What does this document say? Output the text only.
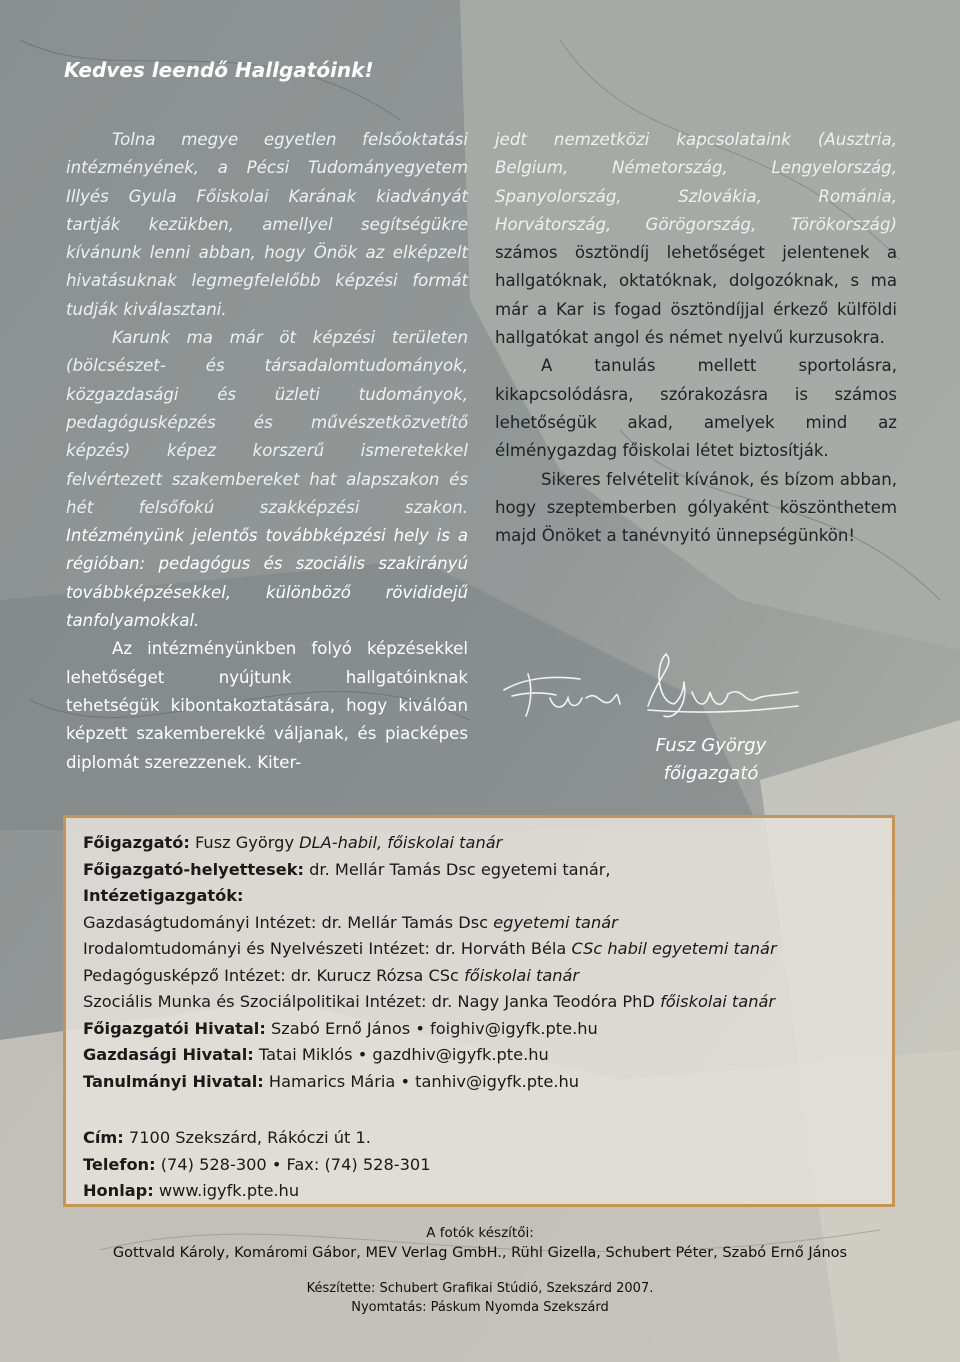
Kedves leendő Hallgatóink!

Tolna megye egyetlen felsőoktatási intézményének, a Pécsi Tudományegyetem Illyés Gyula Főiskolai Karának kiadványát tartják kezükben, amellyel segítségükre kívánunk lenni abban, hogy Önök az elképzelt hivatásuknak legmegfelelőbb képzési formát tudják kiválasztani.

Karunk ma már öt képzési területen (bölcsészet- és társadalomtudományok, közgazdasági és üzleti tudományok, pedagógusképzés és művészetközvetítő képzés) képez korszerű ismeretekkel felvértezett szakembereket hat alapszakon és hét felsőfokú szakképzési szakon. Intézményünk jelentős továbbképzési hely is a régióban: pedagógus és szociális szakirányú továbbképzésekkel, különböző rövididejű tanfolyamokkal.

Az intézményünkben folyó képzésekkel lehetőséget nyújtunk hallgatóinknak tehetségük kibontakoztatására, hogy kiválóan képzett szakemberekké váljanak, és piacképes diplomát szerezzenek. Kiter-

jedt nemzetközi kapcsolataink (Ausztria, Belgium, Németország, Lengyelország, Spanyolország, Szlovákia, Románia, Horvátország, Görögország, Törökország) számos ösztöndíj lehetőséget jelentenek a hallgatóknak, oktatóknak, dolgozóknak, s ma már a Kar is fogad ösztöndíjjal érkező külföldi hallgatókat angol és német nyelvű kurzusokra.

A tanulás mellett sportolásra, kikapcsolódásra, szórakozásra is számos lehetőségük akad, amelyek mind az élménygazdag főiskolai létet biztosítják.

Sikeres felvételit kívánok, és bízom abban, hogy szeptemberben gólyaként köszönthetem majd Önöket a tanévnyitó ünnepségünkön!

Fusz György
főigazgató
Főigazgató: Fusz György DLA-habil, főiskolai tanár
Főigazgató-helyettesek: dr. Mellár Tamás Dsc egyetemi tanár,
Intézetigazgatók:
Gazdaságtudományi Intézet: dr. Mellár Tamás Dsc egyetemi tanár
Irodalomtudományi és Nyelvészeti Intézet: dr. Horváth Béla CSc habil egyetemi tanár
Pedagógusképző Intézet: dr. Kurucz Rózsa CSc főiskolai tanár
Szociális Munka és Szociálpolitikai Intézet: dr. Nagy Janka Teodóra PhD főiskolai tanár
Főigazgatói Hivatal: Szabó Ernő János • foighiv@igyfk.pte.hu
Gazdasági Hivatal: Tatai Miklós • gazdhiv@igyfk.pte.hu
Tanulmányi Hivatal: Hamarics Mária • tanhiv@igyfk.pte.hu
Cím: 7100 Szekszárd, Rákóczi út 1.
Telefon: (74) 528-300 • Fax: (74) 528-301
Honlap: www.igyfk.pte.hu
A fotók készítői:
Gottvald Károly, Komáromi Gábor, MEV Verlag GmbH., Rühl Gizella, Schubert Péter, Szabó Ernő János
Készítette: Schubert Grafikai Stúdió, Szekszárd 2007.
Nyomtatás: Páskum Nyomda Szekszárd
